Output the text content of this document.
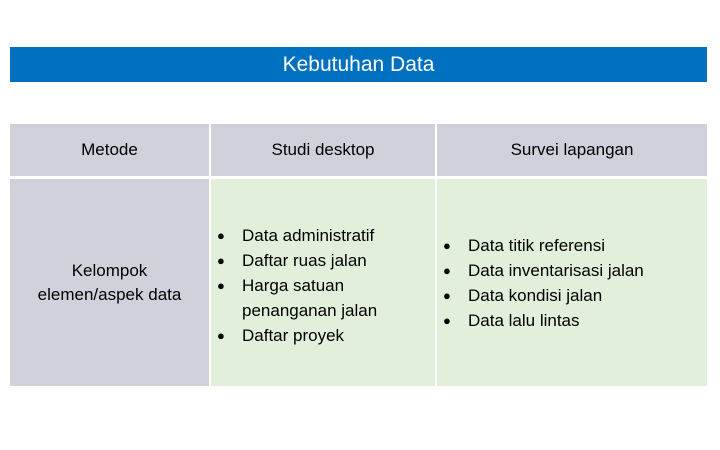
Kebutuhan Data
Metode	Studi desktop	Survei lapangan
Kelompok
elemen/aspek data
● Data administratif
● Daftar ruas jalan
● Harga satuan
penanganan jalan
● Daftar proyek
● Data titik referensi
● Data inventarisasi jalan
● Data kondisi jalan
● Data lalu lintas
